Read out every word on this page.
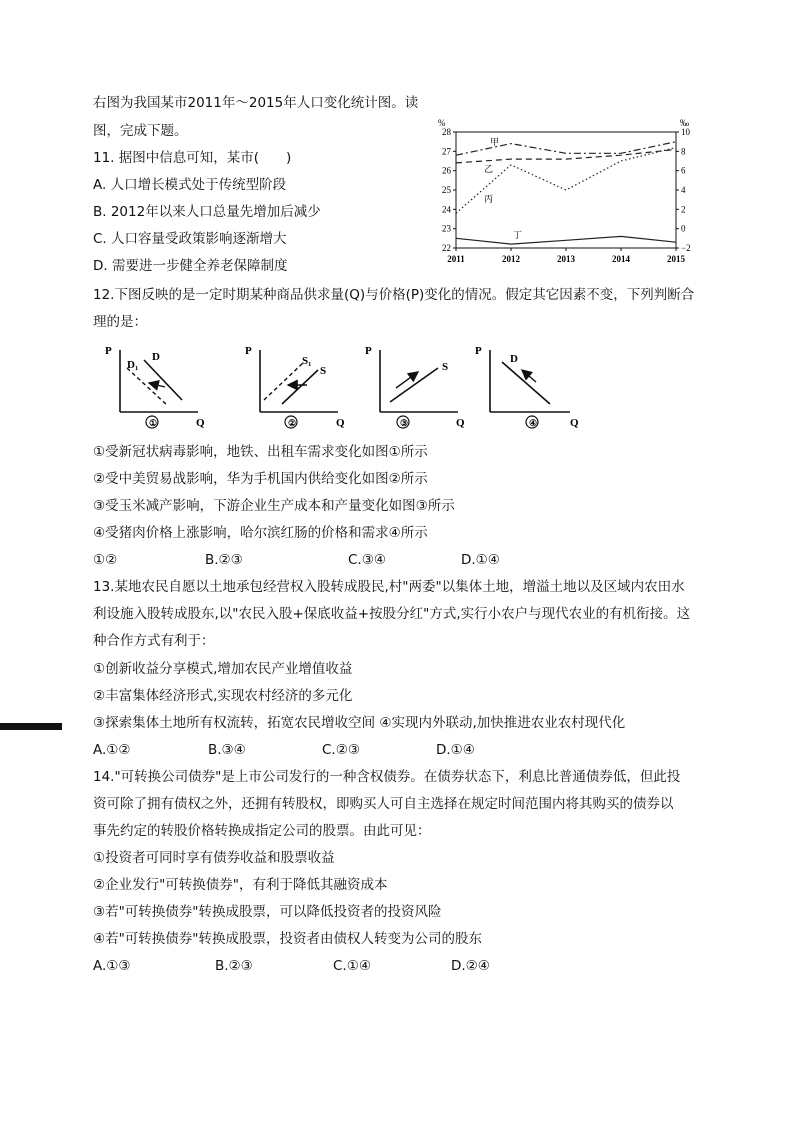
右图为我国某市2011年～2015年人口变化统计图。读
图，完成下题。
11. 据图中信息可知，某市(　　)
A. 人口增长模式处于传统型阶段
B. 2012年以来人口总量先增加后减少
C. 人口容量受政策影响逐渐增大
D. 需要进一步健全养老保障制度
%	‰
22
23
24
25
26
27
28
−2
0
2
4
6
8
10
2011	2012	2013	2014	2015
甲
乙
丙
丁
12.下图反映的是一定时期某种商品供求量(Q)与价格(P)变化的情况。假定其它因素不变，下列判断合
理的是：
P
Q
D₁
D
①
P
Q
S₁
S
②
P
Q
S
③
P
Q
D
④
①受新冠状病毒影响，地铁、出租车需求变化如图①所示
②受中美贸易战影响，华为手机国内供给变化如图②所示
③受玉米减产影响，下游企业生产成本和产量变化如图③所示
④受猪肉价格上涨影响，哈尔滨红肠的价格和需求④所示
①②	B.②③	C.③④	D.①④
13.某地农民自愿以土地承包经营权入股转成股民,村"两委"以集体土地，增溢土地以及区域内农田水
利设施入股转成股东,以"农民入股+保底收益+按股分红"方式,实行小农户与现代农业的有机衔接。这
种合作方式有利于：
①创新收益分享模式,增加农民产业增值收益
②丰富集体经济形式,实现农村经济的多元化
③探索集体土地所有权流转，拓宽农民增收空间 ④实现内外联动,加快推进农业农村现代化
A.①②	B.③④	C.②③	D.①④
14."可转换公司债券"是上市公司发行的一种含权债券。在债券状态下，利息比普通债券低，但此投
资可除了拥有债权之外，还拥有转股权，即购买人可自主选择在规定时间范围内将其购买的债券以
事先约定的转股价格转换成指定公司的股票。由此可见：
①投资者可同时享有债券收益和股票收益
②企业发行"可转换债券"，有利于降低其融资成本
③若"可转换债券"转换成股票，可以降低投资者的投资风险
④若"可转换债券"转换成股票，投资者由债权人转变为公司的股东
A.①③	B.②③	C.①④	D.②④
